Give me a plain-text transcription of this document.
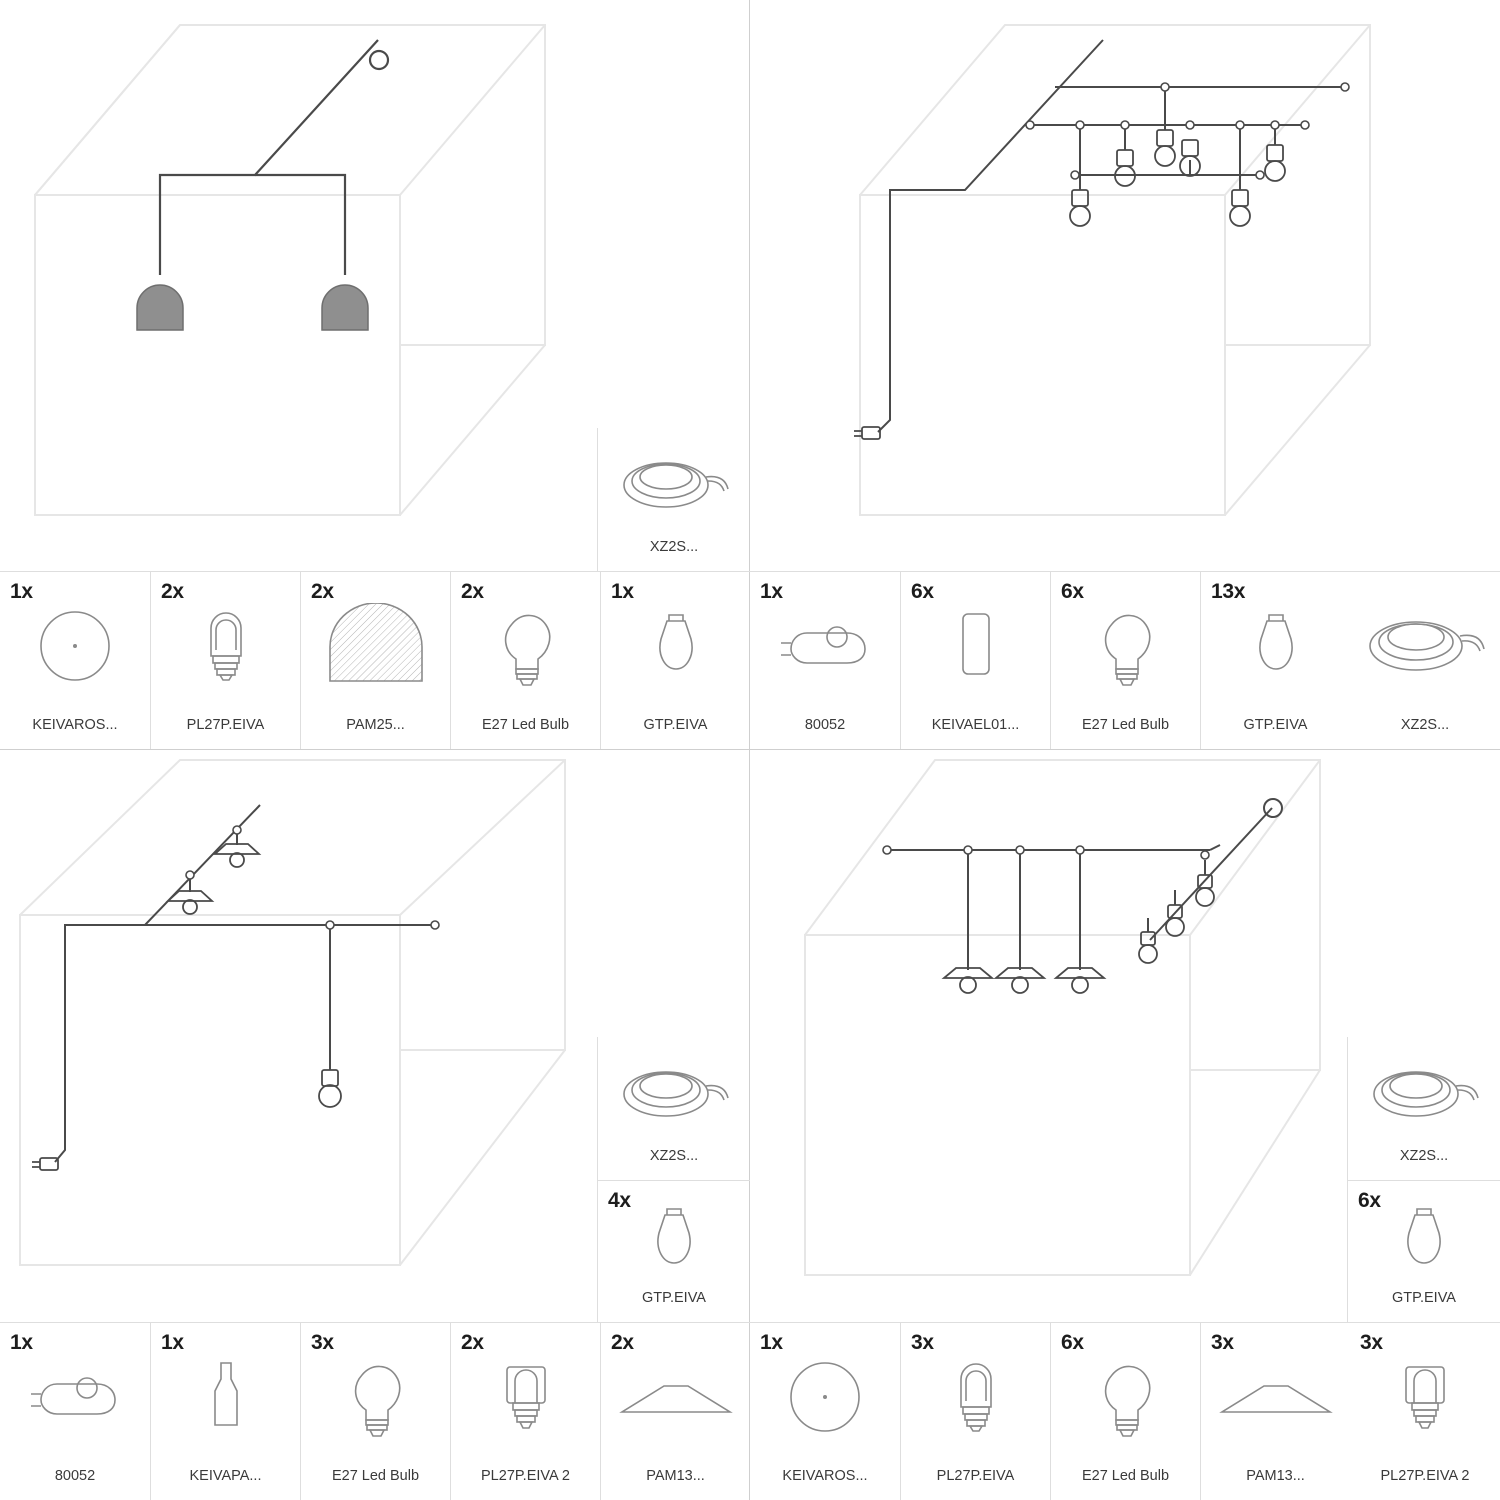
XZ2S...
1x
KEIVAROS...
2x
PL27P.EIVA
2x
PAM25...
2x
E27 Led Bulb
1x
GTP.EIVA
1x
80052
6x
KEIVAEL01...
6x
E27 Led Bulb
13x
GTP.EIVA	XZ2S...
XZ2S...
4x
GTP.EIVA
1x
80052
1x
KEIVAPA...
3x
E27 Led Bulb
2x
PL27P.EIVA 2
2x
PAM13...
XZ2S...
6x
GTP.EIVA
1x
KEIVAROS...
3x
PL27P.EIVA
6x
E27 Led Bulb
3x
PAM13...
3x
PL27P.EIVA 2
